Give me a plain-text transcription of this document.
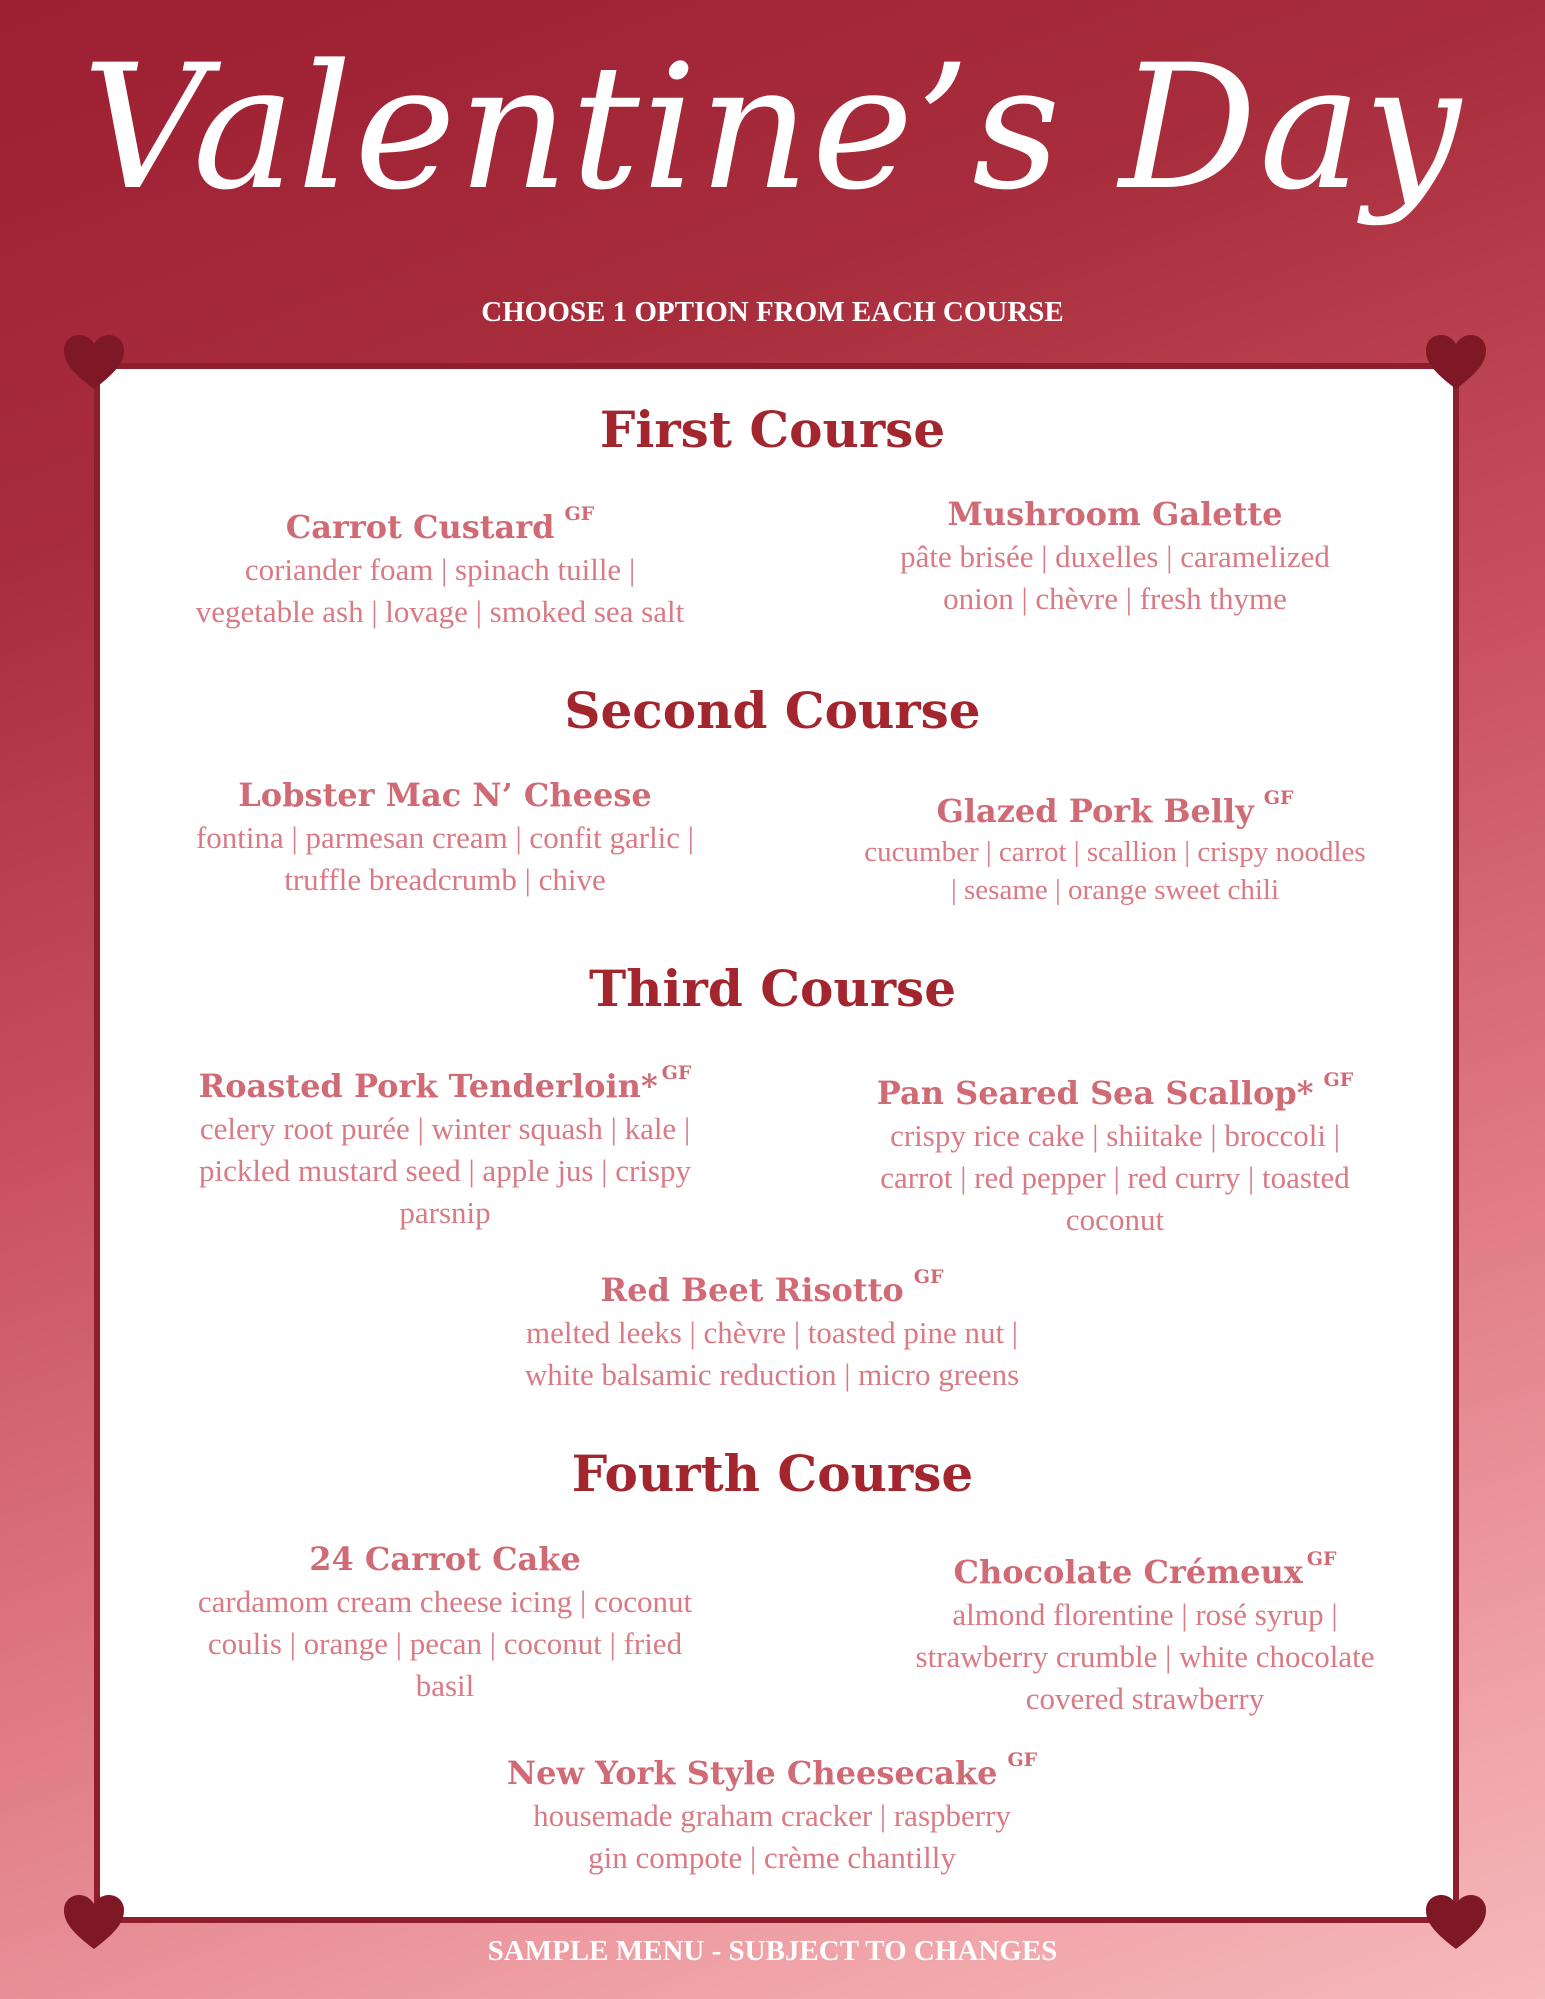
Valentine’s Day
CHOOSE 1 OPTION FROM EACH COURSE
First Course

Carrot Custard $^{GF}$

coriander foam | spinach tuille |

vegetable ash | lovage | smoked sea salt

Mushroom Galette

pâte brisée | duxelles | caramelized

onion | chèvre | fresh thyme

Second Course

Lobster Mac N’ Cheese

fontina | parmesan cream | confit garlic |

truffle breadcrumb | chive

Glazed Pork Belly $^{GF}$

cucumber | carrot | scallion | crispy noodles

| sesame | orange sweet chili

Third Course

Roasted Pork Tenderloin* $^{GF}$

celery root purée | winter squash | kale |

pickled mustard seed | apple jus | crispy

parsnip

Pan Seared Sea Scallop* $^{GF}$

crispy rice cake | shiitake | broccoli |

carrot | red pepper | red curry | toasted

coconut

Red Beet Risotto $^{GF}$

melted leeks | chèvre | toasted pine nut |

white balsamic reduction | micro greens

Fourth Course

24 Carrot Cake

cardamom cream cheese icing | coconut

coulis | orange | pecan | coconut | fried

basil

Chocolate Crémeux $^{GF}$

almond florentine | rosé syrup |

strawberry crumble | white chocolate

covered strawberry

New York Style Cheesecake $^{GF}$

housemade graham cracker | raspberry

gin compote | crème chantilly

SAMPLE MENU - SUBJECT TO CHANGES
